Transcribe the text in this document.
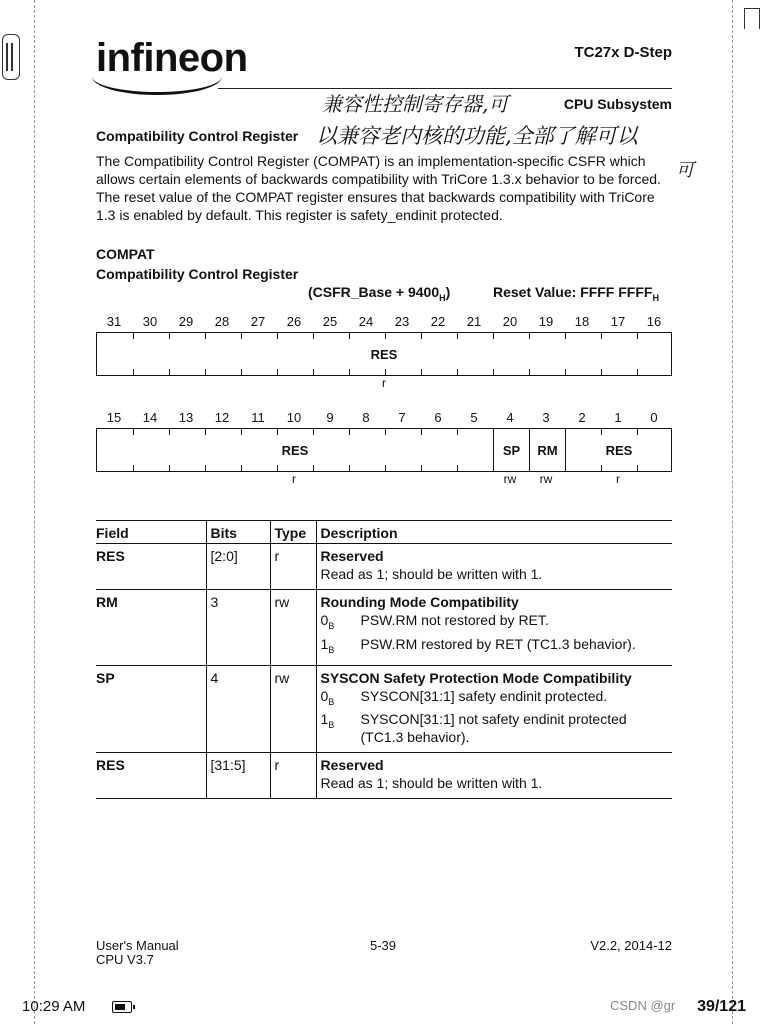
infineon	TC27x D-Step
CPU Subsystem
兼容性控制寄存器,可
以兼容老内核的功能,全部了解可以
可
Compatibility Control Register
The Compatibility Control Register (COMPAT) is an implementation-specific CSFR which allows certain elements of backwards compatibility with TriCore 1.3.x behavior to be forced. The reset value of the COMPAT register ensures that backwards compatibility with TriCore 1.3 is enabled by default. This register is safety_endinit protected.
COMPAT
Compatibility Control Register
(CSFR_Base + $9400_H$)	Reset Value: FFFF $FFFF_H$
31	30	29	28	27	26	25	24	23	22	21	20	19	18	17	16
RES
r
15	14	13	12	11	10	9	8	7	6	5	4	3	2	1	0
RES	SP	RM	RES
r	rw	rw	r
Field	Bits	Type	Description
RES	[2:0]	r	Reserved
Read as 1; should be written with 1.

RM	3	rw	Rounding Mode Compatibility
$0_B$ PSW.RM not restored by RET.
$1_B$ PSW.RM restored by RET (TC1.3 behavior).

SP	4	rw	SYSCON Safety Protection Mode Compatibility
$0_B$ SYSCON[31:1] safety endinit protected.
$1_B$ SYSCON[31:1] not safety endinit protected (TC1.3 behavior).

RES	[31:5]	r	Reserved
Read as 1; should be written with 1.
User's Manual
CPU V3.7
5-39	V2.2, 2014-12
10:29 AM	CSDN @gr 39/121
